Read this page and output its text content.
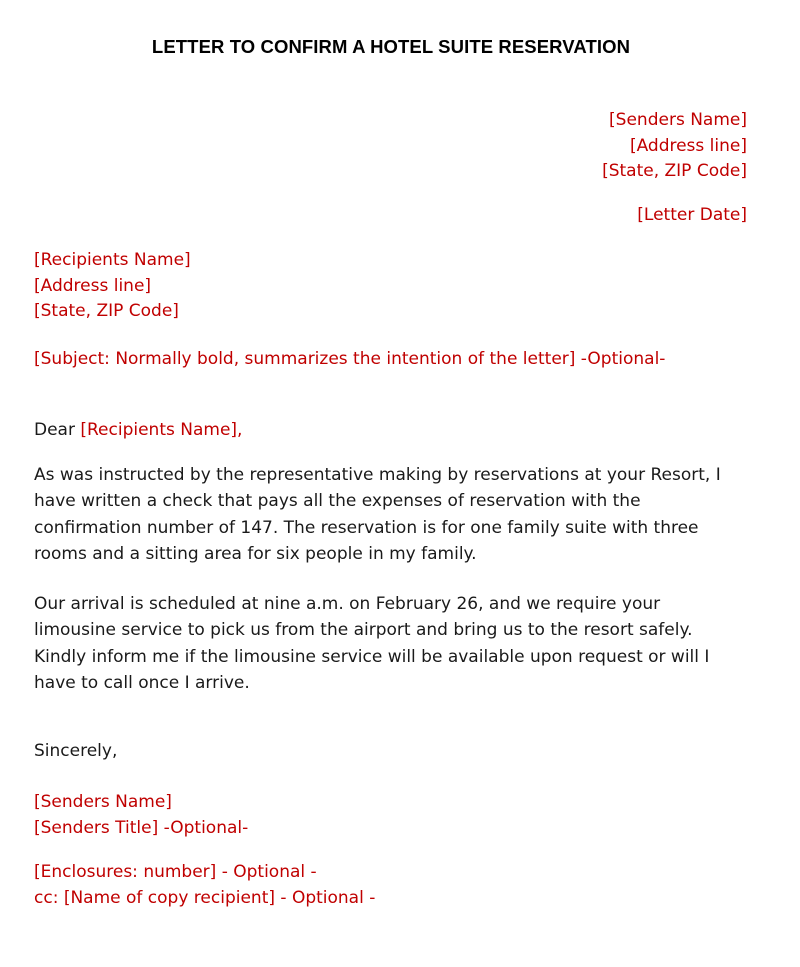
LETTER TO CONFIRM A HOTEL SUITE RESERVATION
[Senders Name]
[Address line]
[State, ZIP Code]
[Letter Date]
[Recipients Name]
[Address line]
[State, ZIP Code]
[Subject: Normally bold, summarizes the intention of the letter] -Optional-
Dear [Recipients Name],
As was instructed by the representative making by reservations at your Resort, I
have written a check that pays all the expenses of reservation with the
confirmation number of 147. The reservation is for one family suite with three
rooms and a sitting area for six people in my family.
Our arrival is scheduled at nine a.m. on February 26, and we require your
limousine service to pick us from the airport and bring us to the resort safely.
Kindly inform me if the limousine service will be available upon request or will I
have to call once I arrive.
Sincerely,
[Senders Name]
[Senders Title] -Optional-
[Enclosures: number] - Optional -
cc: [Name of copy recipient] - Optional -
